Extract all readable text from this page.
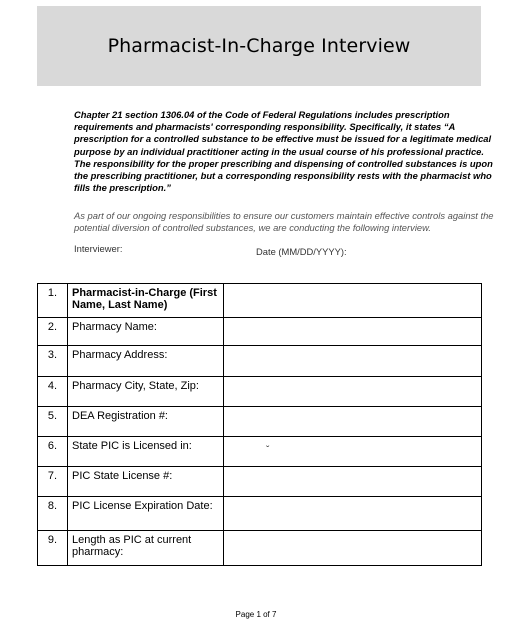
Pharmacist-In-Charge Interview

Chapter 21 section 1306.04 of the Code of Federal Regulations includes prescription requirements and pharmacists' corresponding responsibility. Specifically, it states “A prescription for a controlled substance to be effective must be issued for a legitimate medical purpose by an individual practitioner acting in the usual course of his professional practice. The responsibility for the proper prescribing and dispensing of controlled substances is upon the prescribing practitioner, but a corresponding responsibility rests with the pharmacist who fills the prescription.”

As part of our ongoing responsibilities to ensure our customers maintain effective controls against the potential diversion of controlled substances, we are conducting the following interview.

Interviewer:	Date (MM/DD/YYYY):
1.	Pharmacist-in-Charge (First Name, Last Name)	
2.	Pharmacy Name:	
3.	Pharmacy Address:	
4.	Pharmacy City, State, Zip:	
5.	DEA Registration #:	
6.	State PIC is Licensed in:	ˇ

7.	PIC State License #:	
8.	PIC License Expiration Date:	
9.	Length as PIC at current pharmacy:	
Page 1 of 7
